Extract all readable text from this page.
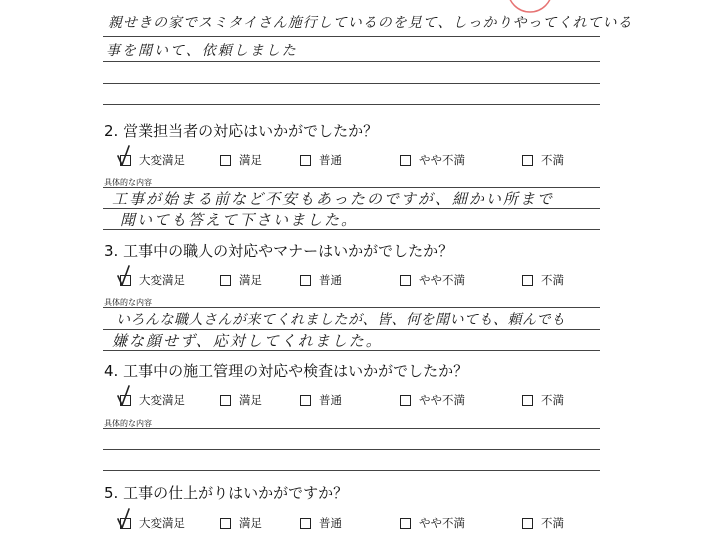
親せきの家でスミタイさん施行しているのを見て、しっかりやってくれている
事を聞いて、依頼しました
2. 営業担当者の対応はいかがでしたか？
大変満足	満足	普通	やや不満	不満
具体的な内容
工事が始まる前など不安もあったのですが、細かい所まで
聞いても答えて下さいました。
3. 工事中の職人の対応やマナーはいかがでしたか？
大変満足	満足	普通	やや不満	不満
具体的な内容
いろんな職人さんが来てくれましたが、皆、何を聞いても、頼んでも
嫌な顔せず、応対してくれました。
4. 工事中の施工管理の対応や検査はいかがでしたか？
大変満足	満足	普通	やや不満	不満
具体的な内容
5. 工事の仕上がりはいかがですか？
大変満足	満足	普通	やや不満	不満
